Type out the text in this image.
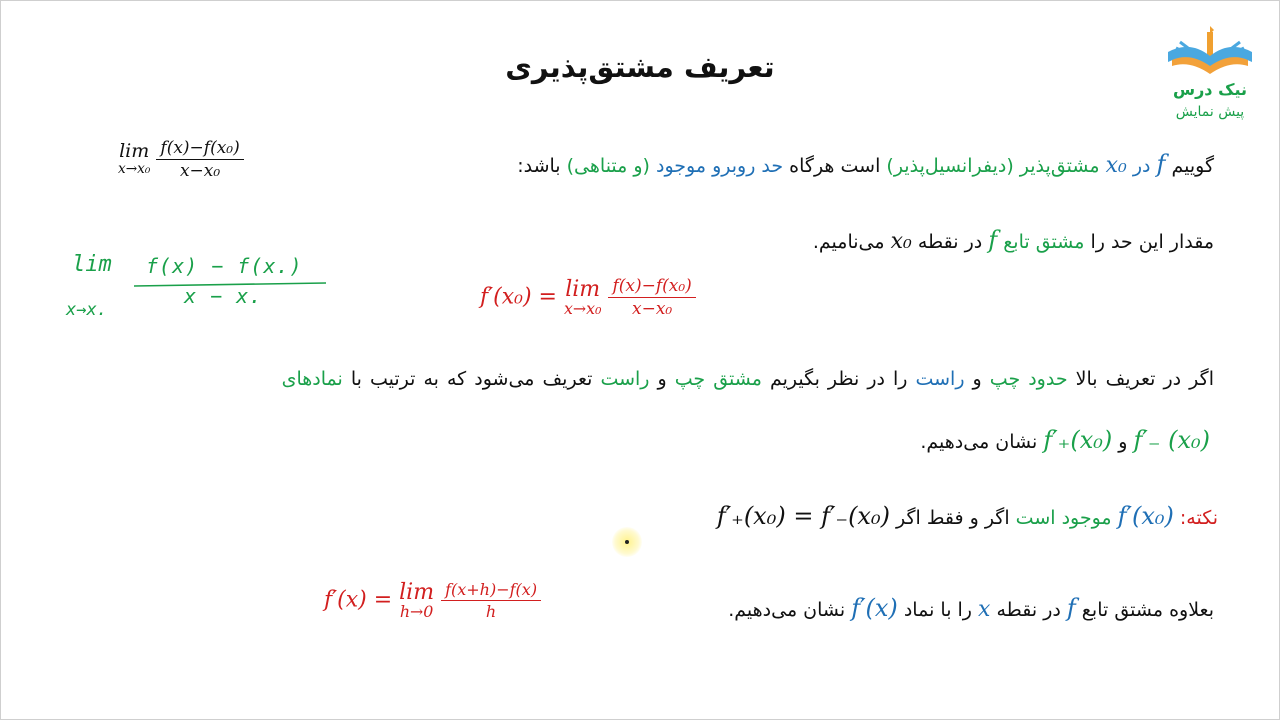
نیک درس
پیش نمایش
تعریف مشتق‌پذیری
lim
x→x₀
$\frac{\text{f(x)−f(x₀)}}{\text{x−x₀}}$	گوییم f در x₀ مشتق‌پذیر (دیفرانسیل‌پذیر) است هرگاه حد روبرو موجود (و متناهی) باشد:
مقدار این حد را مشتق تابع f در نقطه x₀ می‌نامیم.
lim
x→x.
f(x) − f(x.)
x − x.	f′(x₀) = lim
x→x₀
$\frac{\text{f(x)−f(x₀)}}{\text{x−x₀}}$
اگر در تعریف بالا حدود چپ و راست را در نظر بگیریم مشتق چپ و راست تعریف می‌شود که به ترتیب با نمادهای
f′₋ (x₀) و f′₊(x₀) نشان می‌دهیم.
نکته: f′(x₀) موجود است اگر و فقط اگر f′₊(x₀) = f′₋(x₀)
بعلاوه مشتق تابع f در نقطه x را با نماد f′(x) نشان می‌دهیم.
f′(x) = lim
h→0
$\frac{f(x+h)-f(x)}{h}$
